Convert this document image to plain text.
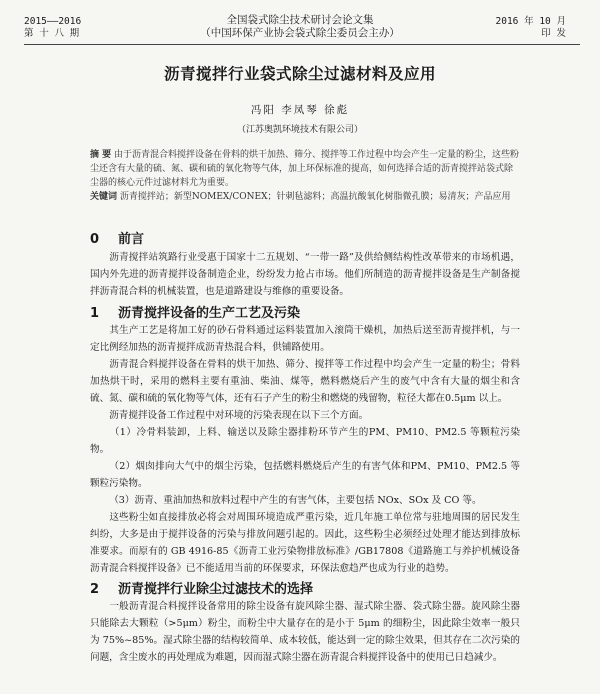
2015——2016
第 十 八 期
全国袋式除尘技术研讨会论文集
（中国环保产业协会袋式除尘委员会主办）
2016 年 10 月
印 发
沥青搅拌行业袋式除尘过滤材料及应用
冯阳 李凤琴 徐彪
（江苏奥凯环境技术有限公司）
摘 要 由于沥青混合料搅拌设备在骨料的烘干加热、筛分、搅拌等工作过程中均会产生一定量的粉尘，这些粉尘还含有大量的硫、氮、碳和硫的氧化物等气体，加上环保标准的提高，如何选择合适的沥青搅拌站袋式除尘器的核心元件过滤材料尤为重要。
关键词 沥青搅拌站；新型NOMEX/CONEX；针刺毡滤料；高温抗酸氧化树脂微孔膜；易清灰；产品应用
0 前言
沥青搅拌站筑路行业受惠于国家十二五规划、“一带一路”及供给侧结构性改革带来的市场机遇，国内外先进的沥青搅拌设备制造企业，纷纷发力抢占市场。他们所制造的沥青搅拌设备是生产制备搅拌沥青混合料的机械装置，也是道路建设与维修的重要设备。
1 沥青搅拌设备的生产工艺及污染
其生产工艺是将加工好的砂石骨料通过运料装置加入滚筒干燥机，加热后送至沥青搅拌机，与一定比例经加热的沥青搅拌成沥青热混合料，供铺路使用。
沥青混合料搅拌设备在骨料的烘干加热、筛分、搅拌等工作过程中均会产生一定量的粉尘；骨料加热烘干时，采用的燃料主要有重油、柴油、煤等，燃料燃烧后产生的废气中含有大量的烟尘和含硫、氮、碳和硫的氧化物等气体，还有石子产生的粉尘和燃烧的残留物，粒径大都在0.5μm 以上。
沥青搅拌设备工作过程中对环境的污染表现在以下三个方面。
（1）冷骨料装卸，上料、输送以及除尘器排粉环节产生的PM、PM10、PM2.5 等颗粒污染物。
（2）烟囱排向大气中的烟尘污染，包括燃料燃烧后产生的有害气体和PM、PM10、PM2.5 等颗粒污染物。
（3）沥青、重油加热和放料过程中产生的有害气体，主要包括 NOx、SOx 及 CO 等。
这些粉尘如直接排放必将会对周围环境造成严重污染，近几年施工单位常与驻地周围的居民发生纠纷，大多是由于搅拌设备的污染与排放问题引起的。因此，这些粉尘必须经过处理才能达到排放标准要求。而原有的 GB 4916-85《沥青工业污染物排放标准》/GB17808《道路施工与养护机械设备沥青混合料搅拌设备》已不能适用当前的环保要求，环保法愈趋严也成为行业的趋势。
2 沥青搅拌行业除尘过滤技术的选择
一般沥青混合料搅拌设备常用的除尘设备有旋风除尘器、湿式除尘器、袋式除尘器。旋风除尘器只能除去大颗粒（>5μm）粉尘，而粉尘中大量存在的是小于 5μm 的细粉尘，因此除尘效率一般只为 75%~85%。湿式除尘器的结构较简单、成本较低，能达到一定的除尘效果，但其存在二次污染的问题，含尘废水的再处理成为难题，因而湿式除尘器在沥青混合料搅拌设备中的使用已日趋减少。
